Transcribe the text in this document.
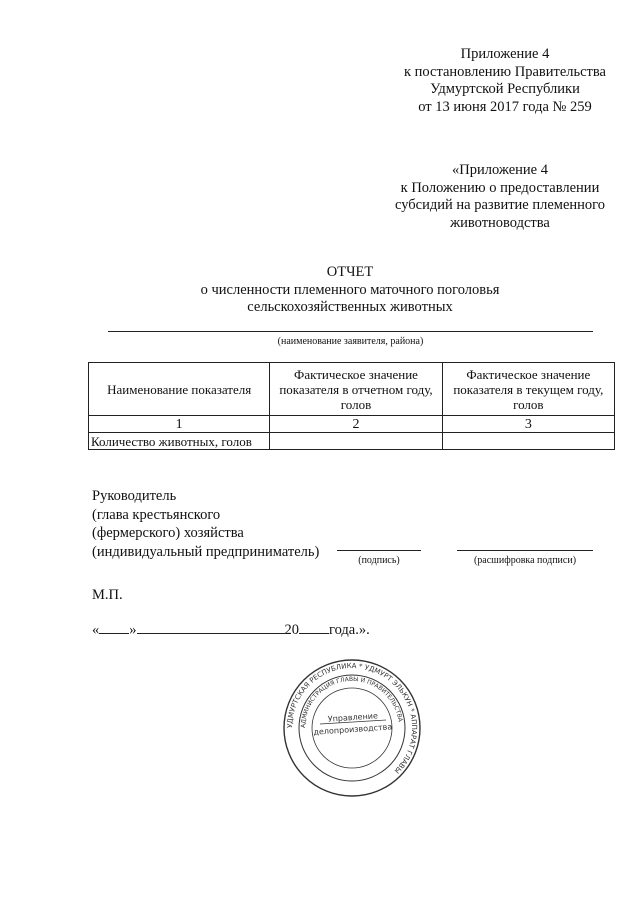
Приложение 4
к постановлению Правительства
Удмуртской Республики
от 13 июня 2017 года № 259
«Приложение 4
к Положению о предоставлении
субсидий на развитие племенного
животноводства
ОТЧЕТ
о численности племенного маточного поголовья
сельскохозяйственных животных
(наименование заявителя, района)
Наименование показателя	Фактическое значение показателя в отчетном году, голов	Фактическое значение показателя в текущем году, голов
1	2	3
Количество животных, голов		
Руководитель
(глава крестьянского
(фермерского) хозяйства
(индивидуальный предприниматель)
(подпись)	(расшифровка подписи)
М.П.
« »	20 года.».
УДМУРТСКАЯ РЕСПУБЛИКА * УДМУРТ ЭЛЬКУН * АППАРАТ ГЛАВЫ
АДМИНИСТРАЦИЯ ГЛАВЫ И ПРАВИТЕЛЬСТВА
Управление
делопроизводства
